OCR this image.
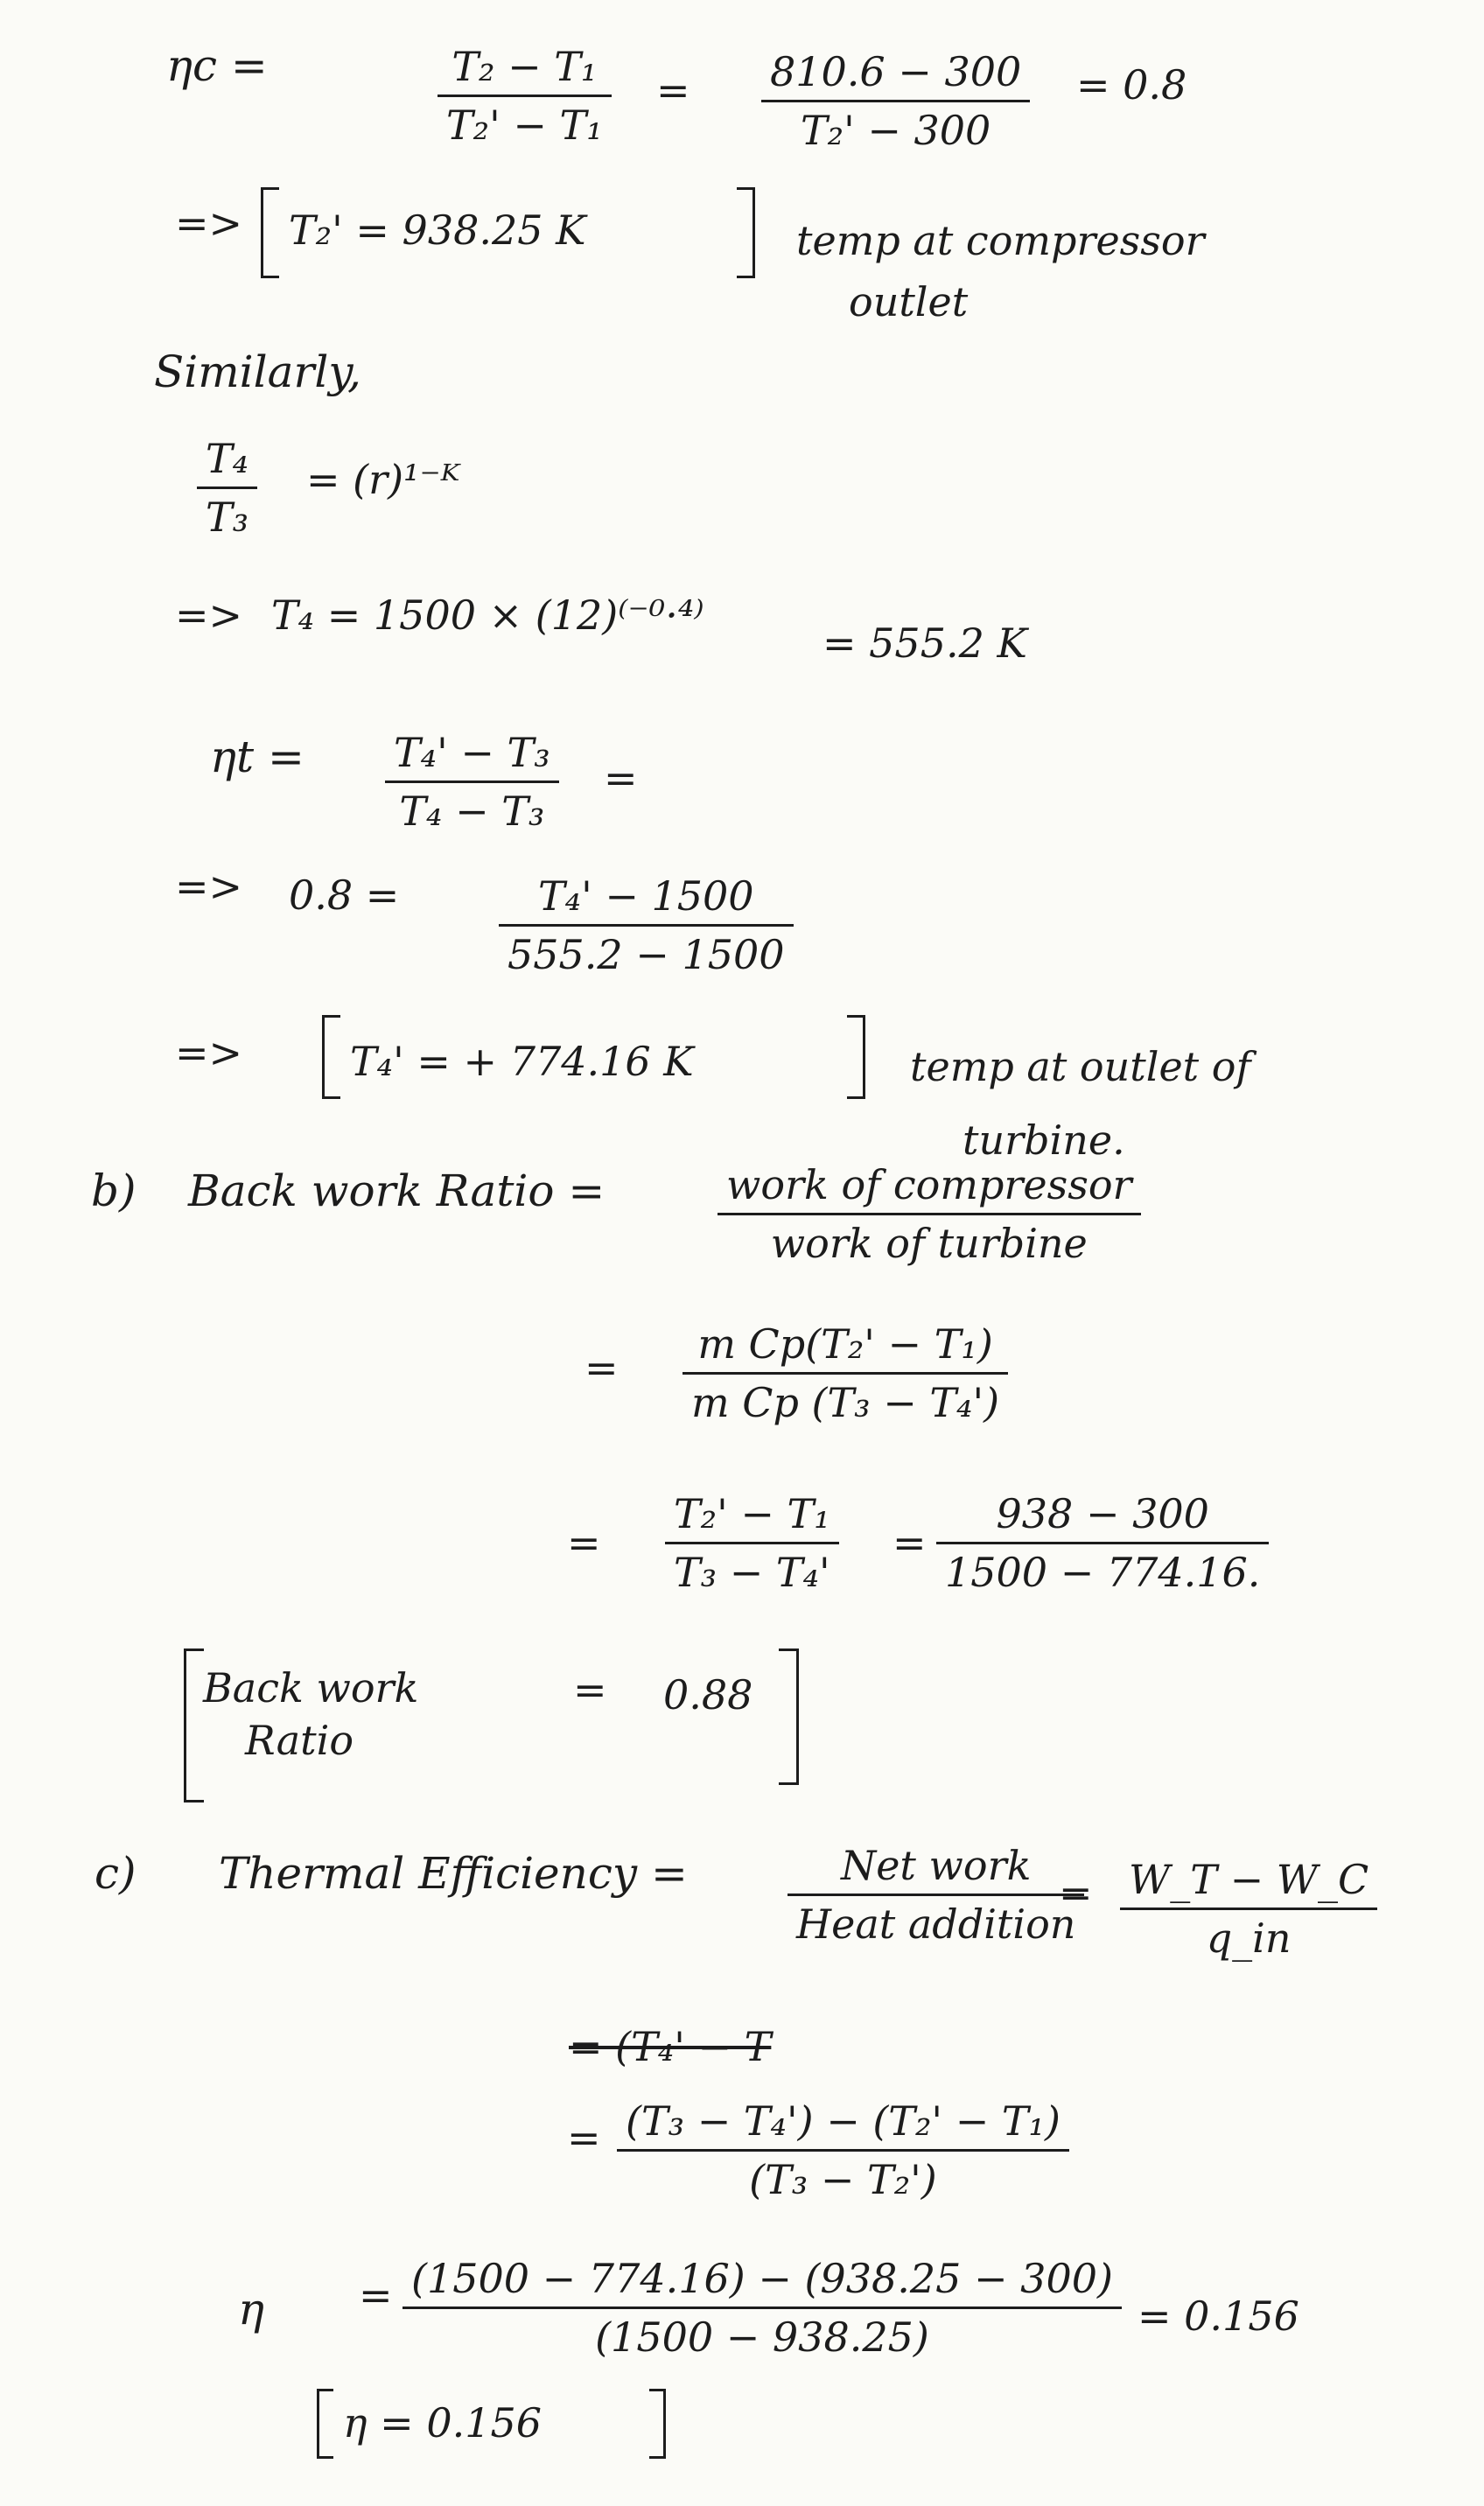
ηc =	T₂ − T₁
T₂' − T₁
= 810.6 − 300
T₂' − 300
= 0.8
=> T₂' = 938.25 K	temp at compressor
outlet
Similarly,
T₄
T₃
= (r)¹⁻ᴷ
=> T₄ = 1500 × (12)⁽⁻⁰·⁴⁾
= 555.2 K
ηt = T₄' − T₃
T₄ − T₃
=
=> 0.8 =	T₄' − 1500
555.2 − 1500
=>	T₄' = + 774.16 K	temp at outlet of
turbine.
b) Back work Ratio =	work of compressor
work of turbine
= m Cp(T₂' − T₁)
m Cp (T₃ − T₄')
=
T₂' − T₁
T₃ − T₄'
=
938 − 300
1500 − 774.16.
Back work
Ratio
= 0.88
c) Thermal Efficiency =	Net work
Heat addition
= W_T − W_C
q_in
= (T₄' − T
= (T₃ − T₄') − (T₂' − T₁)
(T₃ − T₂')
η = (1500 − 774.16) − (938.25 − 300)
(1500 − 938.25)	= 0.156
η = 0.156
